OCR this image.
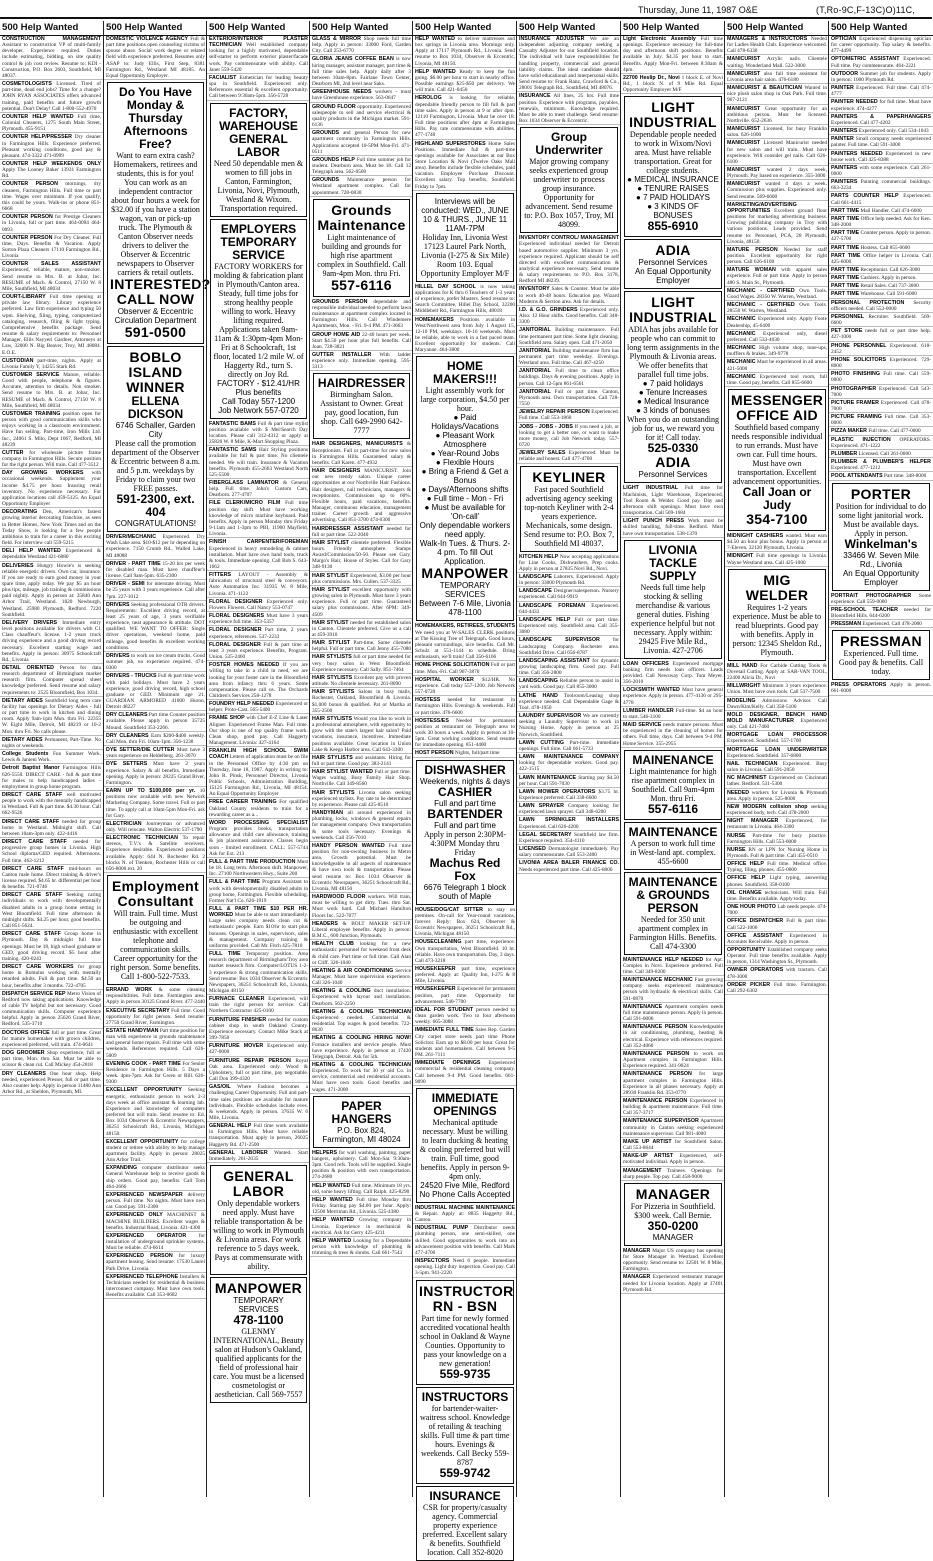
Thursday, June 11, 1987 O&E	(T,Ro-9C,F-13C)O)11C,
500 Help Wanted
CONSTRUCTION MANAGEMENT Assistant to construction VP of multi-family developer. Experience required. Duties include estimating, bidding, on site quality control & job cost review. Resume to: KDI - Construction, P.O. Box 2603, Southfield, MI 48037.
COSMETOLOGISTS Licensed. Tired of part-time, dead end jobs? Time for a change? JOHN RYAN ASSOCIATES offers advanced training, paid benefits and future growth potential. Don't Delay! Call 1-800-552-4970
COUNTER HELP WANTED Full time, Colonial Cleaners, 1275 South Main Street, Plymouth. 455-9151
COUNTER HELP/PRESSER Dry cleaner in Farmington Hills. Experience preferred. Pleasant working conditions, good pay & pleasant. 474-3322 471-0999
COUNTER HELP WEEKENDS ONLY Apply The Looney Baker 13931 Farmington Rd.
COUNTER PERSON mornings, dry cleaners, Farmington Hills. Full time or part time. Wages over minimum. If you qualify, this could be yours. Walk-ins or phone 851-6668
COUNTER PERSON for Prestige Cleaners in Livonia, full or part time. 464-0094 464-0093
COUNTER PERSON For Dry Cleaner. Full time, Days. Benefits & Vacation. Apply Surton Plaza Cleaners 17110 Farmington Rd., Livonia
COUNTER SALES ASSISTANT Experienced, reliable, mature, non-smoker. Send resume to Mrs. B. at Jobar, Inc. RESUME of Mach. & Control, 27150 W. 8 Mile, Southfield, MI 48034
COURT-LIBRARY Full time opening at private law library. Library experience preferred. Law firm experience and typing 50 wpm. Shelving, filing, typing, computerized cataloging, research, filing & light typing. Comprehensive benefits package. Send resume & salary requirements to: Personnel Manager, Ellis Nayyeri Gardner, Attorneys at Law, 32000 N. Big Beaver, Troy, MI 48084. E.O.E.
CUSTODIAN part-time, nights. Apply at Livonia Family Y, 14255 Stark Rd.
CUSTOMER SERVICE Mature, reliable. Good with people, telephone & figures. Accurate, attention to details. Non smoker. Send resume to Mrs. B. at Jobar, Inc. RESUME of Mach. & Control, 27150 W. 8 Mile, Southfield, MI 48034
CUSTOMER TRAINING position open for person with good communication skills who enjoys working in a classroom environment. Have fun selling. Part-time, Iron Mills Ltd. Inc., 24061 S. Milo, Dept 1067, Redford, MI 48239
CUTTER for wholesale picture frame company in Farmington Hills. Secure position for the right person. Will train. Call 477-3512
DAY GROWING WORKERS with occasional weekends. Supplement your income $4.75 per hour. Insuring retail inventory. No experience necessary. For application locations call 459-5125. An Equal Opportunity Employer
DECORATING Den, American's fastest growing interior decorating franchise, as seen in Better Homes, New York Times and on the Today Show, is looking for a few people ambitious to train for a career in this exciting field. For interview call 559-5215
DELI HELP WANTED Experienced & dependable Westland 421-6080
DELIVERIES Hungry Howie's is seeking reliable energetic drivers. Own car, insurance. If you are ready to earn good money in your spare time, apply today. We pay $5 an hour plus tips, mileage, job training & commissions paid nightly. Apply in person at: 35840 Ann Arbor Trail, Westland. 1820 Newburgh, Westland. 25980 Plymouth, Redford. 7220 Southfield.
DELIVERY DRIVERS Immediate entry level positions available for drivers with C1 Class chauffeur's license. 1-2 years truck driving experience and a good driving record necessary. Excellent starting wage and benefits. Apply in person: 30975 Schoolcraft Rd., Livonia
DETAIL ORIENTED Person for data research department of Birmingham market research firm. Computer spread sheet knowledge preferred. Send resume and salary requirements to: 2525 Bloomfield, Box 1034.
DIETARY AIDES Southfield long term care facility has openings for Dietary Aides - full or part time to work in kitchen and dining room. Apply 9am-1pm Mon. thru Fri. 22355 W. Eight Mile, Detroit, MI 48219 or 10-2 Mon. thru Fri. No calls please.
DIETARY AIDES Permanent, Part-Time. No nights or weekends.
College Students Fun Summer Work. Lewis & Janieni Work.
Detroit Baptist Manor Farmington Hills 626-5550. DIRECT CARE - full & part time for males to help handicapped ladies - employment in group home program.
DIRECT CARE STAFF well motivated people to work with the mentally handicapped in Westland. Full & part time. $4.30 hour. Call 662-9526
DIRECT CARE STAFF needed for group home in Westland. Midnight shift. Call between 10am-3pm only. 422-4416
DIRECT CARE STAFF needed for progressive group homes in Livonia. High School diploma/GED required. Afternoons. Full time. 462-1212
DIRECT CARE STAFF mid-hours on Canton male home. Direct training & driver's license required. $4.65 hr. differential per hour & benefits. 721-0746
DIRECT CARE STAFF Seeking caring individuals to work with developmentally disabled adults in a group home setting in West Bloomfield. Full time afternoon & midnight shifts. $4.25 per hour, good benefits. Call 851-5624.
DIRECT CARE STAFF Group home in Plymouth. Day & midnight full time openings. Must be 18, high school graduate or GED, good driving record. $5 hour after training. 420-0243
DIRECT CARE WORKERS for group home in Romulus working with mentally retarded adults. Full & part time. $4.50 an hour, benefits after 3 months. 722-4705
DISPATCH SERVICE REP Metro Vision of Redford now taking applications. Knowledge of cable TV helpful but not necessary. Good communication skills. Computer experience helpful. Apply in person 25626 Grand River, Redford. 535-3710
DOCTORS OFFICE full or part time. Great for mature homemaker with grown children, experienced preferred, will train. 474-0641
DOG GROOMER Shop experience, full or part time, Mon. thru Sat. Must be able to scissor & clean cut. Call Mickey 454-2818
DRY CLEANERS One hour shop. Help needed, experienced Presser, full or part time. Also counter help. Apply in person 11480 Ann Arbor Rd., at Sheldon, Plymouth, MI.
500 Help Wanted
DOMESTIC VIOLENCE AGENCY Full & part time positions open counseling victims of spouse abuse. Social work degree or related field with experience preferred. Resumes only ASAP to: Judy Ellis, First Step, 8381 Farmington Rd., Westland MI 48185. An Equal Opportunity Employer.
Do You Have Monday & Thursday Afternoons Free?
Want to earn extra cash? Homemakers, retirees and students, this is for you! You can work as an independent contractor about four hours a week for $32.00 if you have a station wagon, van or pick-up truck. The Plymouth & Canton Observer needs drivers to deliver the Observer & Eccentric newspapers to Observer carriers & retail outlets.
INTERESTED? CALL NOW
Observer & Eccentric Circulation Department
591-0500
BOBLO ISLAND WINNER
ELLENA DICKSON
6746 Schaller, Garden City
Please call the promotion department of the Observer & Eccentric between 8 a.m. and 5 p.m. weekdays by Friday to claim your two FREE passes.
591-2300, ext. 404
CONGRATULATIONS!
DRIVER/MECHANIC Experienced. Dry Wash Lake area. $10-$12 per hr depending on experience. 7150 Crumb Rd., Walled Lake, MI 48088
DRIVER - PART TIME 15-20 hrs per week for disabled man. Must have chauffeur's license. Call 9am-5pm. 635-2300
DRIVER - SEMI for interstate driving. Must be 25 years with 3 years experience. Call after 7pm. 227-1012
DRIVERS Seeking professional OTR drivers. Requirements: Excellent driving record, at least 25 years of age, 3 years verifiable experience, neat appearance & attitude. DOT qualified. WE WANT TO OFFER: Single driver operations, weekend home, paid mileage, good benefits & excellent working conditions.
DRIVERS to work on ice cream trucks. Good summer job, no experience required. 474-0300
DRIVERS - TRUCKS Full & part time work with paid holidays. Must have 2 years experience, good driving record, high school graduate or GED. Minimum age 21. GUARDIAN ARMORED 41000 Huron, Detroit 48227
DRY CLEANERS Part time Counter position available. Please apply in person 35725 Mound. Southfield 353-2266.
DRY CLEANERS Earn $200-$400 weekly. Call Mon. thru Fri. 10am-1pm. 356-1238
DYE SETTER/DIE CUTTER Must have 3 years experience on Heidelberg. 261-3070
DYE SETTERS Must have 2 years experience. Salary & all benefits. Immediate opening. Apply in person: 28225 Grand River, Farmington.
EARN UP TO $100,000 per yr. 10 positions now available with new Network Marketing Company. Some travel. Full or part time. To apply call at 10am-5pm Mon-Fri. ask for Gary.
ELECTRICIAN Journeyman or advanced only. Will relocate. Walton Electric 537-1790
ELECTRONIC TECHNICIAN To repair stereos, T.V.'s & Satellite receivers. Experience desirable. Experienced positions available. Apply: 644 N. Rochester Rd. 2 blocks N. of Tienken, Rochester Hills or call 656-8000 ext. 20
Employment Consultant
Will train. Full time. Must be outgoing and enthusiastic with excellent telephone and communication skills. Career opportunity for the right person. Some benefits. Call 1-800-522-7533.
ERRAND WORK & some cleaning responsibilities. Full time. Farmington area. Apply in person 30125 Grand River. 477-2440
EXECUTIVE SECRETARY Full time. Good opportunity for right person. Send resume: 27750 Grand River, Farmington.
ESTATE HANDYMAN Part time position for man with experience in grounds maintenance and general home repairs. Full time with some weekends. References required. Call 626-5009
EVENING COOK - PART TIME For Senior Residence in Farmington Hills. 5 Days a week. 4pm-7pm. Ask for Gwen or Bill. 626-9300
EXCELLENT OPPORTUNITY Seeking energetic, enthusiastic person to work 2-3 days week as office assistant & learning lab. Experience and knowledge of computers preferred but will train. Send resume to: Ed. Box 1034 Observer & Eccentric Newspapers, 36251 Schoolcraft Rd., Livonia, Michigan 48150.
EXCELLENT OPPORTUNITY for college student or retiree with ability to help manage apartment facility. Apply in person: 28025 Ann Arbor Trail.
EXPANDING computer distributor seeks General Warehouse help to receive goods & ship orders. Good pay, benefits. Call Tom 464-2666
EXPERIENCED NEWSPAPER delivery person. Full time. No nights. Must have own car. Good pay. 591-2300
EXPERIENCED ONLY MACHINIST & MACHINE BUILDERS. Excellent wages & benefits. Industrial Road, Livonia. 421-4300
EXPERIENCED OPERATOR for installation of underground sprinkler systems. Must be reliable. 474-6614
EXPERIENCED PERSON for luxury apartment leasing. Send resume: 17530 Laurel Park Drive, Livonia.
EXPERIENCED TELEPHONE Installers & Technicians needed for residential & business interconnect company. Must have own tools. Benefits available. Call 353-0682
500 Help Wanted
EXTERIOR/INTERIOR PLASTER TECHNICIAN Well established company looking for a highly motivated, dependable self-starter to perform exterior plaster/facade work. Pay commensurate with ability. Call Janet 559-5420
FACIALIST Esthetician for leading beauty spa in Southfield. Experienced only. References essential & excellent opportunity. Call between 9:30am-5pm. 356-5728
FACTORY, WAREHOUSE GENERAL LABOR
Need 50 dependable men & women to fill jobs in Canton, Farmington, Livonia, Novi, Plymouth, Westland & Wixom. Transportation required.
EMPLOYERS TEMPORARY SERVICE
FACTORY WORKERS for molding & fabrication plant in Plymouth/Canton area. Steady, full time jobs for strong healthy people willing to work. Heavy lifting required. Applications taken 9am-11am & 1:30pm-4pm Mon-Fri at 8 Schoolcraft, 1st floor, located 1/2 mile W. of Haggerty Rd., turn S. directly on Joy Rd.
FACTORY - $12.41/HR Plus benefits
Call Today 557-1200
Job Network 557-0720
FANTASTIC BAMS Full & part time stylist position available with $ Mel/Search Day location. Please call 312-4312 or apply at 25820 W. 8 Mile, K-Mart Shopping Plaza.
FANTASTIC SAMS Hair Styling positions available for full & part time. No clientele needed. We will train. Insurance & Vacation benefits. Plymouth 455-2663 Westland North 525-5500
FIBERGLASS LAMINATOR & General help. Full time. John's Custom Cars, Dearborn. 277-4707
FILE CLERK/MICRO FILM Full time position day shift. Must have working knowledge of micro machine keyboard. Paid benefits. Apply in person Monday thru Friday 9-11am and 1-3pm to PBI, 11900 Mayfield, Livonia.
FINISH CARPENTER/FOREMAN Experienced in heavy remodeling & cabinet installation. Must have own hand tools, truck & tools. Immediate opening. Call Bob S. 643-1662
FITTERS LAYOUT - Assembly & fabrication of structural steel & conveyors. Auto Automation Inc. 31935 W. 8 Mile, Livonia. 471-1122
FLORAL DESIGNER Experienced only. Flowers Flowers. Call Nancy 553-0747
FLORAL DESIGNERS Must have 3 years experience full time. 353-5357
FLORAL DESIGNER Part time, 2 years experience, references. 537-2233
FLORAL DESIGNER Full & part time at least 3 years experience. Benefits, Program. Union. 535-2460
FOSTER HOMES NEEDED If you are willing to take in a child in need, we are looking for your foster care in the Bloomfield area from infancy thru 6 years. Some compensation. Please call us. The Orchards Children's Services 258-1278
FOUNDRY HELP NEEDED Experienced or helper. Proto-Cast. 565-5400
FRAME SHOP with Chef E-Z Line & Laser Aligner. Experienced Frame Man. Full time. Our shop is one of top quality frame work. Clean shop, good pay. Call Haggerty Management. Livonia: 427-4164
FRANKLIN HIGH SCHOOL SWIM COACH Letters of application must be on file in the Personnel Office by 4:30 pm on Thursday, June 18, 1987. Apply in writing to: John R. Pinsk, Personnel Director, Livonia Public Schools, Administration Building, 15125 Farmington Rd., Livonia, MI 48154. An Equal Opportunity Employer
FREE CAREER TRAINING For qualified Oakland County residents to train for a rewarding career as a...
WORD PROCESSING SPECIALIST Program provides books, transportation allowance and child care allowance, training & job placement assistance. Classes begin soon - limited enrollment. CALL: 557-5744 Ask for Ext. 213
FULL & PART TIME PRODUCTION Must be 18. Long term. Afternoon shift. Manpower, Inc. 27100 Northwestern Hwy., Suite 200
FULL & PART TIME Program Assistant to work with developmentally disabled adults in group home, Farmington. Flexible scheduling. Former Nat'l Co. 626-1919
FULL & PART TIME $10 PER HR. WORKED Must be able to start immediately. Large sales company needs clean cut & enthusiastic people. Earn $10/hr to start plus bonuses. Openings in sales, supervisors, sales & management. Company training & uniforms provided. Call Mr. Fitch 425-7810
FULL TIME Temporary position. Area research department of Birmingham/Troy area market research firm. Computer/LOTUS 1-2-3 experience & strong communication skills. Send resume: Box 1034 Observer & Eccentric Newspapers, 36251 Schoolcraft Rd., Livonia, Michigan 48150
FURNACE CLEANER Experienced, will train the right person for service. Call Northern Contractor 425-0100
FURNITURE FINISHER needed for custom cabinet shop in south Oakland County. Experience necessary. Contact Mike Stack at 399-7850
FURNITURE MOVER Experienced only. 427-0000
FURNITURE REPAIR PERSON Royal Oak area. Experienced only. Wood & Upholstery, full or part time, pay negotiable. Call Don 399-4320
GAS/OIL Where Fashion becomes a challenging Career Opportunity. Full and part-time sales positions are available for mature individuals. Flexible schedules include eves. & weekends. Apply in person. 37635 W. 6 Mile, Livonia.
GENERAL HELP Full time work available in Farmington Hills. Must have reliable transportation. Must apply in person, 26025 Haggerty Rd. 471-2500
GENERAL LABORER Wanted. Start Immediately. 261-2035
GENERAL LABOR
Only dependable workers need apply. Must have reliable transportation & be willing to work in Plymouth & Livonia areas. For work reference to 5 days week. Pays at commensurate with ability.
MANPOWER
TEMPORARY SERVICES
478-1100
GLENMY INTERNATIONAL, Beauty salon at Hudson's Oakland, qualified applicants for the field of professional hair care. You must be a licensed cosmetologist or aesthetician. Call 569-7557
500 Help Wanted
GLASS & MIRROR Shop needs full time help. Apply in person: 33000 Ford, Garden City. Call 253-6770
GLORIA JEANS COFFEE BEAN is now hiring manager, assistant manager, part time & full time sales help. Apply daily after 3 between 10am-8pm. Fairlane Town Center, Dearborn MI, 2nd level near Saks.
GREENHOUSE NEEDS workers - must have Greenhouse experience. 563-0647
GROUND FLOOR opportunity. Experienced salespeople to sell and service electrical & quality products in the Michigan market. 591-6136
GROUNDS and general Person for new apartment community in Farmington Hills. Applications accepted 10-5PM Mon-Fri. 471-0511
GROUNDS HELP Full time summer job for student. Dearborn area. Must be 18. Call 12 Telegraph area. 562-0500
GROUNDS Maintenance person for Westland apartment complex. Call for appointment. 728-0830
Grounds Maintenance
Light maintenance of building and grounds for high rise apartment complex in Southfield. Call 9am-4pm Mon. thru Fri.
557-6116
GROUNDS PERSON dependable and responsible individual needed to perform lawn maintenance at apartment complex located in Farmington Hills. Call Windemere Apartments, Mon. - Fri. 9-4 PM. 471-3663
GROUP HOME AID 22-40 hours per week. Start $4.50 per hour plus full benefits. Call Joan. 728-3821
GUTTER INSTALLER With ladder experience only. Immediate opening. 595-3313
HAIRDRESSER
Birmingham Salon. Assistant to Owner. Great pay, good location, fun shop. Call 649-2990 642-7777
HAIR DESIGNERS, MANICURISTS & Receptionists. Full or part-time for new salon in Farmington Hills. Guaranteed salary & benefits. Call Karen. 477-4932
HAIR DESIGNERS MANICURIST. Join our new trendy salon. Unique career opportunities at our Northville Hair Fashions. Hair designers, nail technicians, managers & receptionists. Commissions up to 60%. Flexible hours, paid vacations, benefits. Manager, continuous education, management trainer. Career growth and aggressive advertising. Call 851-3700 474-0300
HAIRDRESSER ASSISTANT needed for full or part time. 522-2040
HAIR STYLIST clientele preferred. Flexible hours. Friendly atmosphere. Stamps Award/Commission/50-50. Please see Gary. Margo's Hair, House of Styles. Call for Gary 348-9130
HAIR STYLIST Experienced, $3.00 per hour plus commissions. Mrs. Cullen. 537-3325
HAIR STYLIST excellent opportunity with growing salon in Plymouth. Must have 3 years experience. Full or part time. Guaranteed salary plus commissions. After 6PM: 349-4509
HAIR STYLIST needed for established salon in Canton. Clientele preferred. Give us a call at 459-3910
HAIR STYLIST Part-time. Some clientele helpful. Full or part time. Call Jenny 455-7080
HAIR STYLISTS full or part time needed for very busy salon in West Bloomfield. Experience necessary. Call Sally. 851-7464
HAIR STYLISTS Excellent pay with proven attitude. No clientele necessary. 261-8090
HAIR STYLISTS Salons in busy malls, Rochester, Oakland, Bloomfield & Livonia. $1,000 bonus & qualified. Pat or Martha at 355-2500
HAIR STYLISTS Would you like to work in a professional atmosphere, with opportunity to grow with the state's largest hair salon? Paid vacations, insurance, incentives. Immediate positions available. Great location in Union Lake & Keego Harbor area. Call 643-3300
HAIR STYLISTS and assistants. Hiring for full or part time. Good pay. 383-2141
HAIR STYLIST WANTED Full or part time. Wages waiting. Busy Family Hair Shop. Northville. Call 349-8560
HAIR STYLISTS Livonia salon seeking experienced stylists. Pay rate to be determined by experience. Please call 425-8510
HANDYMAN all around experienced in plumbing, locks, windows & general repairs for management company. Own transportation & some tools necessary. Evenings & weekends. Call 356-7010
HANDY PERSON WANTED Full time position for non-owning business in Metro area. Growth potential. Must be knowledgeable in all aspects of maintenance & have own tools & transportation. Please send resume to: Box 1034 Observer & Eccentric Newspapers, 36251 Schoolcraft Rd., Livonia, MI 48150
HARDWOOD FLOOR workers. Will train, must be willing to get dirty. Tues. thru Sat. Must work hard. Call Michael Hamilton Floors Inc. 522-7077
HEADERS & BOLT MAKER SET-UP. Liberal employee benefits. Apply in person: B.M.C., 600 Junction, Plymouth.
HEALTH CLUB looking for a new enthusiastic personnel for weekend front desk & child care. Part time or full time. Call Alan or Cliff. 326-1040
HEATING & AIR CONDITIONING Service Manager. Must have supervision experience. Call 326-1040
HEATING & COOLING duct installation. Experienced with layout and installation. Dearborn. 562-2250
HEATING & COOLING TECHNICIAN Experienced needed. Commercial & residential. Top wages & good benefits. 722-8630
HEATING & COOLING HIRING NOW! Furnace installers and service people. Must have experience. Apply in person at 17420 Telegraph, Detroit. Ask for 5th.
HEATING & COOLING TECHNICIAN Experienced. To work for 30 yr old Co. in service, commercial and residential accounts. Must have own tools. Good benefits and wages. 471-2000
PAPER HANGERS
P.O. Box 824, Farmington, MI 48024
HELPERS for wall washing, painting, paper hangers, upholstery. Call Mon-Sat. 9:30am-3pm. Good refs. Tools will be supplied. Single position & position with own transportation. 274-2680
HELP WANTED Full time. Minimum 18 yrs. old, some heavy lifting. Call Ralph. 425-8290
HELP WANTED Full time Monday thru Friday. Starting pay $4.00 per hour. Apply: 12500 Merriman Rd., Livonia. 525-4380
HELP WANTED Growing company in Livonia. Experience in mechanical & electrical. Ask for Gerry 425-4211
HELP WANTED Looking for a Dependable person with knowledge of plumbing & trimming & trees & shrubs. Call 661-7543
500 Help Wanted
HELP WANTED to deliver mattresses and box springs in Livonia area. Mornings only. Apply at 17117 Plymouth Rd., Livonia. Send resume to Box 1034, Observer & Eccentric, Livonia, MI 48150.
HELP WANTED Ready to keep the fun going. $6.00 per hour to start in nearby office. Possible earnings $25-$50 per delivery. We will train. Call 421-0450
HEROLOG is looking for reliable, dependable friendly person to fill full & part time sales. Apply in person at 9 or after 4pm. 12110 Farmington, Livonia. Must be over 18. Full time positions after 4pm at Farmington Hills. Pay rate commensurate with abilities. 477-1740
HIGHLAND SUPERSTORES Home Sales Positions. Immediate full & part-time openings available for Associates at our Box Store Location & Novi (Twelve Oaks Mall area). Benefits include flexible schedules, paid vacation. Employee Purchase Discount. Excellent salary. Top benefits, Southfield. Friday to 7pm.
Interviews will be conducted: WED., JUNE 10 & THURS., JUNE 11 11AM-7PM
Holiday Inn, Livonia West 17123 Laurel Park North, Livonia (I-275 & Six Mile) Room 103. Equal Opportunity Employer M/F
HILLEL DAY SCHOOL is now taking applications for K thru 6 Teachers of 1-3 years of experience, prefer Masters. Send resume to: Search Committee, Hillel Day School, 32200 Middlebelt Rd., Farmington Hills, 48018
HOMEMAKERS Positions available in West/Northwest area from July 1 August 15, 12-10 PM, weekdays. 10-16 weekends. Must be reliable, able to work in a fast paced team. Excellent opportunity for students. Call Maryanne. 464-3800
HOME MAKERS!!!
Light assembly work for large corporation, $4.50 per hour.
● Paid Holidays/Vacations
● Pleasant Work Atmosphere
● Year-Round Jobs
● Flexible Hours
● Bring a Friend & Get a Bonus
● Days/Afternoons shifts
● Full time - Mon - Fri
● Must be available for 'On-call'
Only dependable workers need apply.
Walk-In Tues. & Thurs. 2-4 pm. To fill Out Application.
MANPOWER
TEMPORARY SERVICES
Between 7-6 Mile, Livonia 478-1100
HOMEMAKERS, RETIREES, STUDENTS We need you at W-SALES CLERK positions at The Kissing Tree of Telegraph. Good hours, pleasant surroundings, nice benefits. Call Mr. Schulz at 551-1144 to schedule. Bring enthusiasm, we'll train! Call 356-6166
HOME PHONE SOLICITATION Full or part time. Mon.-Fri. Call 967-3870
HOSPITAL WORKER $12/HR. No experience. Call today 557-1200. Job Network 557-0720
HOSTESS needed for restaurant in Farmington Hills. Evenings & weekends. Full or part time. 476-6600
HOSTESS/ES Needed for permanent position at restaurant on Telegraph area to work 30 hours a week. Apply in person at 10-5pm. Great working conditions. Send resume for immediate opening. 851-4400
HOST PERSON Nights, full/part time
DISHWASHER
Weekends, nights & days
CASHIER
Full and part time
BARTENDER
Full and part time
Apply in person 2:30PM-4:30PM Monday thru Friday
Machus Red Fox
6676 Telegraph 1 block south of Maple
HOUSE/DOG/CAT SITTER to stay on premises. On-call for Year-round vacations, forever. Reply: Box 624, Observer & Eccentric Newspapers, 36251 Schoolcraft Rd., Livonia, Michigan 48150
HOUSECLEANING part time, experience. Own transportation, West Bloomfield. 10 hr. reliable. Have own transportation. Day, 3 days. Call 473-3218
HOUSEKEEPER part time, experience preferred. Apply at: Quality Inn, I-275 & 8 Mile, Livonia.
HOUSEKEEPER Experienced for permanent position, part time. Opportunity for advancement. 540-7700
IDEAL FOR STUDENT person needed to clean garden work. Two to four afternoon weekly. 665-3088
IMMEDIATE FULL TIME Sales Rep. Garden City carpet store needs part time Phone Solicitor. Earn up to $8.00 per hour. Great for students and homemakers. Call between 9-5 PM. 261-7111
IMMEDIATE OPENINGS Experienced commercial & residential cleaning company. Call between 9-4 PM. Good benefits. 661-9090
IMMEDIATE OPENINGS
Mechanical aptitude necessary. Must be willing to learn ducking & heating & cooling preferred but will train. Full time, good benefits. Apply in person 9-4pm only.
24520 Five Mile, Redford
No Phone Calls Accepted
INDUSTRIAL MACHINE MAINTENANCE & Repair. Apply at: 8835 Haggerty Rd., Canton.
INDUSTRIAL PUMP Distributor needs plumbing person, one semi-skilled, one skilled. Good opportunities to work into an advancement position with benefits. Call Mark 477-4700
INSPECTORS Need 6 people. Immediate opening. Light duty inspection. Good pay. Call 3-5pm. 941-2220
INSTRUCTOR
RN - BSN
Part time for newly formed accredited vocational health school in Oakland & Wayne Counties. Opportunity to pass your knowledge on a new generation!
559-9735
INSTRUCTORS
for bartender-waiter-waitress school. Knowledge of retailing & teaching skills. Full time & part time hours. Evenings & weekends. Call Becky 559-8787
559-9742
INSURANCE
CSR for property/casualty agency. Commercial property experience preferred. Excellent salary & benefits. Southfield location. Call 352-8020
500 Help Wanted
INSURANCE ADJUSTER We are an independent adjusting company seeking a Casualty Adjuster for our Southfield location. The individual will have responsibilities for handling property, commercial and general liability claims. The ideal candidate should have solid educational and interpersonal skills. Send resume to: Frank Ranz, Crawford & Co., 28001 Telegraph Rd., Southfield, MI 48076.
INSURANCE All lines, 25 hrs. Full time position. Experience with programs, payables, renewals, minimum. Knowledge required. Must be able to meet challenge. Send resume: Box 1034 Observer & Eccentric.
Group Underwriter
Major growing company seeks experienced group underwriter to process group insurance. Opportunity for advancement. Send resume to: P.O. Box 1057, Troy, MI 48099.
INVENTORY CONTROL/ MANAGEMENT Experienced individual needed for Detroit based automotive supplier. Minimum 3 yrs. experience required. Applicant should be self directed with excellent communication & analytical experience necessary. Send resume & salary requirements to P.O. Box 3178, Redford MI 48239.
INVENTORY Sales & Counter. Must be able to work 40-48 hours. Education pay. Wizard Moderns & Section area. Ask for details.
I.D. & G.O. GRINDERS Experienced only. Also: 12 Hour shifts. Good benefits. Call 348-3300
JANITORIAL Building maintenance. Full time permanent part time. Some light cleaning. Southfield area. Salary open. Call 471-2050
JANITORIAL Building maintenance firm has permanent part time weekday. Evenings. Westland area. Full time. Call 467-4250
JANITORIAL Full time to clean office buildings. Days & evening positions. Apply in person. Call 12-5pm 861-6561
JANITORIAL Full or part time. Canton, Plymouth area. Own transportation. Call 728-7550
JEWELRY REPAIR PERSON Experienced. Full time. Call 553-1860
JOBS - JOBS - JOBS If you need a job, or looking to get a better one, or want to make more money, call Job Network today. 557-0720
JEWELRY SALES Experienced. Must be reliable and honest. Call 477-4760
KEYLINER
Fast paced Southfield advertising agency seeking top-notch Keyliner with 2-4 years experience. Mechanicals, some design. Send resume to: P.O. Box 7, Southfield MI 48037.
KITCHEN HELP Now accepting applications for Line Cooks, Dishwashers, Prep cooks. Apply in person at 27835 Novi Rd., Novi.
LANDSCAPE Laborers. Experienced. Apply in person: 33000 Plymouth Rd.
LANDSCAPE Designer/salesperson. Nursery experienced. Call 644-9919
LANDSCAPE FOREMAN Experienced. 644-4433
LANDSCAPE HELP Full or part time. Experienced only. Southfield area. Call 355-3080
LANDSCAPE SUPERVISOR for Landscaping Company. Rochester area. Southfield Drive. Call 656-8787
LANDSCAPING ASSISTANT for dynamic growing landscaping firm. Good pay. Full time. Call 356-2800
LANDSCAPING Reliable person to assist in yard work. Good pay. Call 855-3000
LATHE HAND Toolroom/Leasing shop experience needed. Call Dependable Gage & Tool. 478-1950
LAUNDRY SUPERVISOR We are currently seeking a Laundry Supervisor to work in Nursing Home. Apply in person at 25 Norwich, Southfield.
LAWN CUTTING Part-time. Immediate openings. Full time. Call 661-5733
LAWN MAINTENANCE COMPANY looking for dependable workers. Good pay. 422-1515
LAWN MAINTENANCE Starting pay $4.50 per hour. Call 591-7030
LAWN MOWER OPERATORS $3.75 hr. Experience preferred. Call 338-6600
LAWN SPRAYER Company looking for experienced lawn sprayer. Call 348-6200
LAWN SPRINKLER INSTALLERS Experienced. Call 626-4200
LEGAL SECRETARY Southfield law firm. Experience required. 354-4110
LICENSED Dermatologist immediately. Pay salary commensurate. Call 553-2400
LIVONIA AREA BALER FINANCE CO. Needs experienced part time. Call 425-8000
500 Help Wanted
Light Electronic Assembly Full time openings. Experience necessary for full-time day and afternoon shift positions. Benefits available in July. $4.35 per hour to start. Benefits. Apply Mon-Fri. between 8:30am & 4pm.
22700 Heslip Dr., Novi 1 block E. of Novi Rd., 1 block N. of 9 Mile Rd. Equal Opportunity Employer M/F
LIGHT INDUSTRIAL
Dependable people needed to work in Wixom/Novi area. Must have reliable transportation. Great for college students.
● MEDICAL INSURANCE
● TENURE RAISES
● 7 PAID HOLIDAYS
● 3 KINDS OF BONUSES
855-6910
ADIA
Personnel Services
An Equal Opportunity Employer
LIGHT INDUSTRIAL
ADIA has jobs available for people who can commit to long term assignments in the Plymouth & Livonia areas. We offer benefits that parallel full time jobs.
● 7 paid holidays
● Tenure Increases
● Medical Insurance
● 3 kinds of bonuses
When you do an outstanding job for us, we reward you for it! Call today.
525-0330
ADIA
Personnel Services
LIGHT INDUSTRIAL Full time for Machinists, Light Warehouse, Experienced, Tool Room & Welder. Good pay. Day and afternoon shift openings. Must have own transportation. Call 569-1684
LIGHT PUNCH PRESS Work must be skilled handling, full-time. Redford. Must have own transportation. 538-1370
LIVONIA TACKLE SUPPLY
Needs full time help stocking & selling merchandise & various general duties. Fishing experience helpful but not necessary. Apply within: 29425 Five Mile Rd., Livonia. 427-2706
LOAN OFFICERS Experienced mortgage banking firm needs loan officers. Leads provided. Call Newsway Corp. Tom Meyer. 356-2010
LOCKSMITH WANTED Must have general experience. Apply in person. 477-4136 or 295-4778
LUMBER HANDLER Full-time. $4 an hour to start. 546-3100
MAID SERVICE needs mature persons. Must be experienced in the cleaning of homes for others. Full time, days. Call between 9-4 PM. Home Service. 355-2955
MAINENANCE
Light maintenance for high rise apartment complex in Southfield. Call 9am-4pm Mon. thru Fri.
557-6116
MAINTENANCE
A person to work full time in West-land apt. complex. 455-6600
MAINTENANCE & GROUNDS PERSON
Needed for 350 unit apartment complex in Farmington Hills. Benefits. Call 474-3300
MAINTENANCE HELP NEEDED for Apt. Complex in Novi. Experience preferred. Full time. Call 349-8200
MAINTENANCE MECHANIC Fast growing company seeks experienced maintenance person with hydraulic & electrical skills. Call 591-0870
MAINTENANCE Apartment complex needs full time maintenance person. Apply in person. Call 591-0006
MAINTENANCE PERSON Knowledgeable in air conditioning, plumbing, heating & electrical. Experience with references required. Call 352-4060
MAINTENANCE PERSON to work on Apartment complex in Farmington Hills. Experience required. 341-9024
MAINTENANCE PERSON for large apartment complex in Farmington Hills. Experience in all phases necessary. Apply at 28930 Franklin Rd. 353-0770
MAINTENANCE PERSON Experienced in building & apartment maintenance. Full time. Call 357-3717
MAINTENANCE SUPERVISOR Apartment community in Canton seeking experienced maintenance supervisor. Call 981-4000
MAKE UP ARTIST for Southfield Salon. Call 553-8644
MAKE-UP ARTIST Experienced, self-motivated individual. Apply in person.
MANAGEMENT Trainees. Openings for sharp people. Top pay. Call 458-9000
MANAGER
For Pizzeria in Southfield. $300 week. Call Bernie.
350-0200
MANAGER
MANAGER Major US company has opening for Store Manager in Westland. Excellent opportunity. Send resume to: 32501 W. 8 Mile, Farmington.
MANAGER Experienced restaurant manager needed for Livonia location. Apply at 37401 Plymouth Rd.
500 Help Wanted
MANAGERS & INSTRUCTORS Needed for Ladies Health Club. Experience welcomed. Call 478-6330
MANICURIST Acrylic nails. Clientele waiting. Wonderland Mall. 522-3000
MANICURIST also full time assistant for Livonia area hair salon. 476-6180
MANICURIST & BEAUTICIAN Wanted in nice plush salon shop in Oak Park. Full time. 967-2121
MANICURIST Great opportunity for an ambitious person. Must be licensed. Northville. 652-2636
MANICURIST Licensed, for busy Franklin salon. 626-1000
MANICURIST Licensed Manicurist needed for new salon and will train. Must have experience. Will consider gel nails. Call 626-6100
MANICURIST wanted 2 days week, Plymouth. Pay based on experience. 355-3000
MANICURIST wanted 4 days a week. Commission plus supplies. Experienced only. Send resume. 569-6600
MARKETING/ADVERTISING OPPORTUNITIES Excellent ground floor positions for marketing advertising business. Growing publishing company in Troy with various positions. Leads provided. Send resume to: Personnel, PCA, 28 Plymouth, Livonia, 48150.
MATURE PERSON Needed for staff position. Excellent opportunity for right person. Call 626-6100
MATURE WOMAN with apparel sales experience. Full or part time. Apply in person 480 S. Main St., Plymouth.
MECHANIC - CERTIFIED Own Tools. Good Wages. 28350 W. Warren, Westland.
MECHANIC - CERTIFIED Own Tools. 28550 W. Warren, Westland.
MECHANIC Experienced only. Apply Foote Dealership, 45-6400
MECHANIC Experienced only, diesel preferred. Call 533-4030
MECHANIC High volume shop, tune-ups, mufflers & brakes. 349-9778
MECHANIC Must be experienced in all areas. 421-5000
MECHANIC Experienced tool room, full time. Good pay, benefits. Call 855-6600
MESSENGER OFFICE AID
Southfield based company needs responsible individual to run errands. Must have own car. Full time hours. Must have own transportation. Excellent advancement opportunities.
Call Joan or Judy
354-7100
MIDNIGHT CASHIERS wanted. Must earn $4.50 an hour plus bonus. Apply in person at 7-Eleven. 32120 Plymouth, Livonia.
MIDNIGHT Full time openings in Livonia. Wayne Westland area. Call 425-1000
MIG WELDER
Requires 1-2 years experience. Must be able to read blueprints. Good pay with benefits. Apply in person: 12345 Sheldon Rd., Plymouth.
MILL HAND For Carbide Cutting Tools & Dovetail Cutting. Apply at: SAR-VAN TOOL, 22400 Alicia Dr., Novi
MILLWRIGHT Minimum 3 years experience. Union. Must have own tools. Call 537-7500
MODELING Admissions Advisor. Call Dawn/Kim/Kelly. Call 358-5100
MOLD DESIGNER, BENCH HAND MOLD MANUFACTURER Experienced only. Call 421-7400
MORTGAGE LOAN PROCESSOR Experienced. Southfield. 557-1700
MORTGAGE LOAN UNDERWRITER Experienced. Southfield. 357-6800
NAIL TECHNICIAN Experienced. Busy salon in Livonia. Call 591-2050
NC MACHINIST Experienced on Cincinnati lathes. Redford. 531-5300
NEEDED workers for Livonia & Plymouth area. Apply in person. 525-8000
NEW MODERN collision shop seeking experienced body, tech. Call 478-2000
NIGHT MANAGER Experienced, for restaurant in Livonia. 464-3300
NURSE Part-time for busy practice. Farmington Hills. Call 553-0000
NURSE RN or LPN for Nursing Home in Plymouth. Full & part time. Call 455-0510
OFFICE HELP Full time. Medical office. Typing, filing, phones. 455-0000
OFFICE HELP Light typing, answering phones. Southfield. 358-0100
OIL CHANGE technicians. Will train. Full time. Benefits available. Apply today.
ONE HOUR PHOTO Lab needs people. 474-7000
OFFICE DISPATCHER Full & part time. Call 522-1000
OFFICE ASSISTANT Experienced in Accounts Receivable. Apply in person.
OPPORTUNITY Established company seeks Operator. Full time benefits available. Apply in person, 1314 Washington St., Plymouth.
OWNER OPERATORS with tractors. Call 478-3000
ORDER PICKER Full time. Farmington. Call 292-6302
500 Help Wanted
OPTICIAN Experienced dispensing optician for career opportunity. Top salary & benefits. 477-4499
OPTOMETRIC ASSISTANT Experienced. Full time. Pay commensurate. 464-2221
OUTDOOR Summer job for students. Apply in person: 1000 Plymouth Rd.
PAINTER Experienced. Full time. Call 474-4777
PAINTER NEEDED for full time. Must have experience. 474-4277
PAINTERS & PAPERHANGERS Experienced. Call 477-4202
PAINTERS Experienced only. Call 534-1043
PAINTER Small company needs experienced painter. Full time. Call 591-3000
PAINTERS NEEDED Experienced in new house work. Call 425-8388
PAINTERS with some experience. Call 261-0000
PAINTERS Painting commercial buildings. 663-2234
PARTS COUNTER HELP Experienced. Call 661-4415
PART TIME Mail Handler. Call 474-6600
PART TIME Office help needed. Ask for Ken. 348-2000
PART TIME Counter person. Apply in person. 427-5700
PART TIME Hostess. Call 855-6600
PART TIME Office helper in Livonia. Call 425-6000
PART TIME Receptionist. Call 626-3000
PART TIME Cashiers. Apply in person.
PART TIME Retail Sales. Call 737-3000
PART TIME Warehouse. Call 591-6000
PERSONAL PROTECTION Security officers needed. Call 553-0000
PERSONNEL Recruiter. Southfield. 569-6600
PET STORE needs full or part time help. 427-1000
PHONE PERSONNEL Experienced. 618-2452
PHONE SOLICITORS Experienced. 729-8000
PHOTO FINISHING Full time. Call 559-0000
PHOTOGRAPHER Experienced. Call 543-7000
PICTURE FRAMER Experienced. Call 478-7000
PICTURE FRAMING Full time. Call 353-0000
PIZZA MAKER Full time. Call 477-0000
PLASTIC INJECTION OPERATORS. Experienced. 471-1222
PLUMBER Licensed. Call 261-0000
PLUMBER & PLUMBER'S HELPER Experienced. 477-1212
POOL ATTENDANTS Part time. 348-8000
PORTER
Position for individual to do some light janitorial work. Must be available days. Apply in person.
Winkelman's
33466 W. Seven Mile Rd., Livonia
An Equal Opportunity Employer
PORTRAIT PHOTOGRAPHER Some experience. Call 559-0000
PRE-SCHOOL TEACHER needed for Bloomfield Hills. 644-6200
PRESSMAN Experienced. Call 478-2000
PRESSMAN
Experienced. Full time. Good pay & benefits. Call today.
PRESS OPERATORS Apply in person. 661-6000
